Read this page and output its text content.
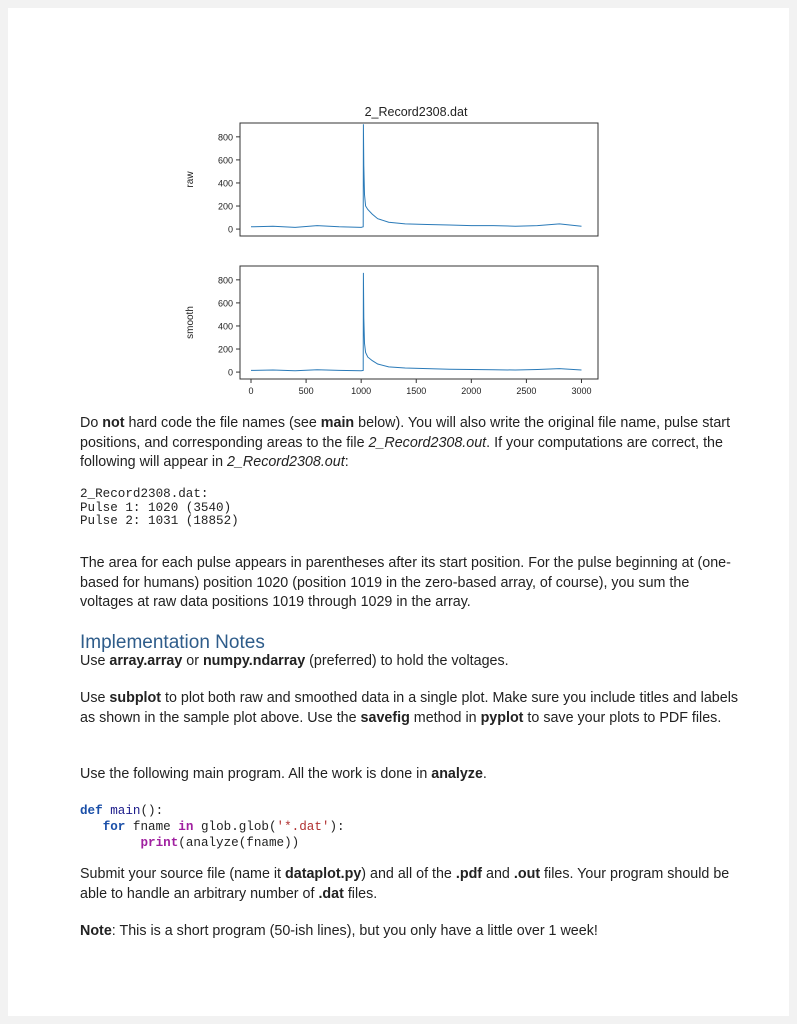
2_Record2308.dat
0
200
400
600
800
raw
0
200
400
600
800
0	500	1000	1500	2000	2500	3000
smooth

Do not hard code the file names (see main below). You will also write the original file name, pulse start positions, and corresponding areas to the file 2_Record2308.out. If your computations are correct, the following will appear in 2_Record2308.out:

2_Record2308.dat:
Pulse 1: 1020 (3540)
Pulse 2: 1031 (18852)

The area for each pulse appears in parentheses after its start position. For the pulse beginning at (one-based for humans) position 1020 (position 1019 in the zero-based array, of course), you sum the voltages at raw data positions 1019 through 1029 in the array.

Implementation Notes

Use array.array or numpy.ndarray (preferred) to hold the voltages.

Use subplot to plot both raw and smoothed data in a single plot. Make sure you include titles and labels as shown in the sample plot above. Use the savefig method in pyplot to save your plots to PDF files.

Use the following main program. All the work is done in analyze.

def main():
for fname in glob.glob('*.dat'):
print(analyze(fname))

Submit your source file (name it dataplot.py) and all of the .pdf and .out files. Your program should be able to handle an arbitrary number of .dat files.

Note: This is a short program (50-ish lines), but you only have a little over 1 week!
